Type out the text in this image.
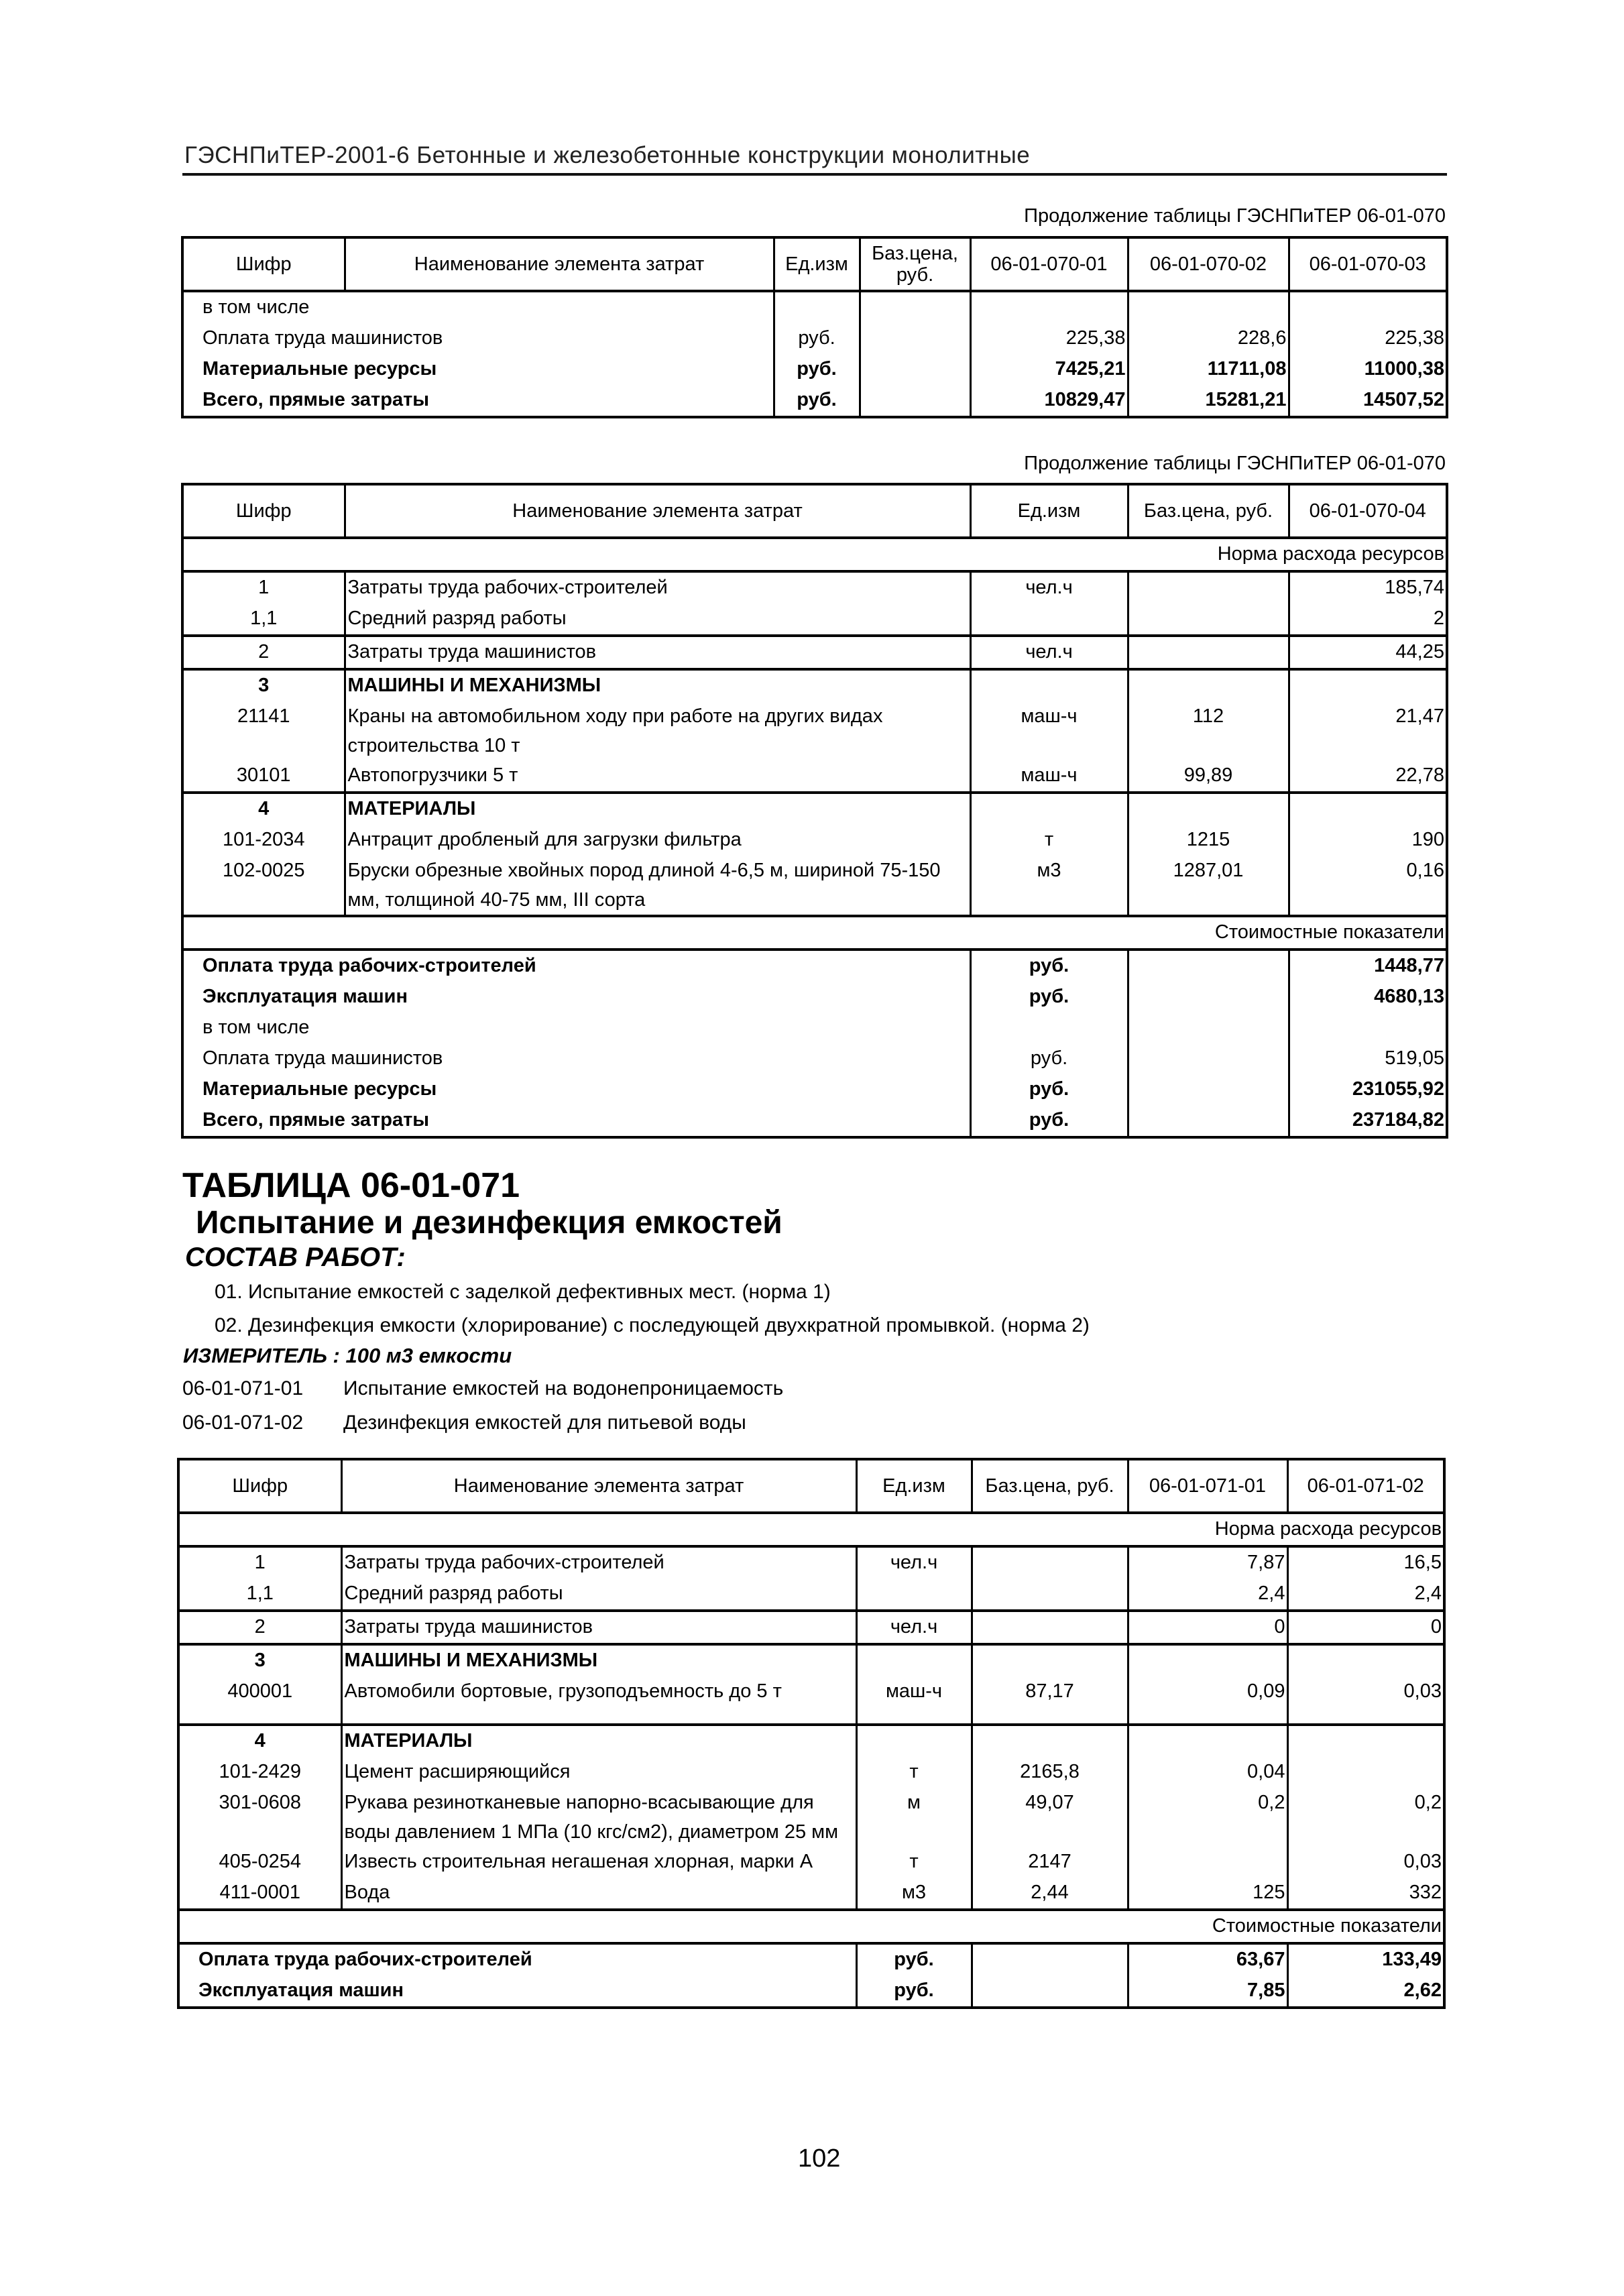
ГЭСНПиТЕР-2001-6 Бетонные и железобетонные конструкции монолитные
Продолжение таблицы ГЭСНПиТЕР 06-01-070
Шифр	Наименование элемента затрат	Ед.изм	Баз.цена, руб.	06-01-070-01	06-01-070-02	06-01-070-03
в том числе						
Оплата труда машинистов		руб.		225,38	228,6	225,38
Материальные ресурсы		руб.		7425,21	11711,08	11000,38
Всего, прямые затраты		руб.		10829,47	15281,21	14507,52
Продолжение таблицы ГЭСНПиТЕР 06-01-070
Шифр	Наименование элемента затрат	Ед.изм	Баз.цена, руб.	06-01-070-04
Норма расхода ресурсов				
1	Затраты труда рабочих-строителей	чел.ч		185,74
1,1	Средний разряд работы			2
2	Затраты труда машинистов	чел.ч		44,25
3	МАШИНЫ И МЕХАНИЗМЫ			
21141	Краны на автомобильном ходу при работе на других видах строительства 10 т	маш-ч	112	21,47
30101	Автопогрузчики 5 т	маш-ч	99,89	22,78
4	МАТЕРИАЛЫ			
101-2034	Антрацит дробленый для загрузки фильтра	т	1215	190
102-0025	Бруски обрезные хвойных пород длиной 4-6,5 м, шириной 75-150 мм, толщиной 40-75 мм, III сорта	м3	1287,01	0,16
Стоимостные показатели				
Оплата труда рабочих-строителей		руб.		1448,77
Эксплуатация машин		руб.		4680,13
в том числе				
Оплата труда машинистов		руб.		519,05
Материальные ресурсы		руб.		231055,92
Всего, прямые затраты		руб.		237184,82
ТАБЛИЦА 06-01-071
Испытание и дезинфекция емкостей
СОСТАВ РАБОТ:
01. Испытание емкостей с заделкой дефективных мест. (норма 1)
02. Дезинфекция емкости (хлорирование) с последующей двухкратной промывкой. (норма 2)
ИЗМЕРИТЕЛЬ : 100 м3 емкости
06-01-071-01 Испытание емкостей на водонепроницаемость
06-01-071-02 Дезинфекция емкостей для питьевой воды
Шифр	Наименование элемента затрат	Ед.изм	Баз.цена, руб.	06-01-071-01	06-01-071-02
Норма расхода ресурсов					
1	Затраты труда рабочих-строителей	чел.ч		7,87	16,5
1,1	Средний разряд работы			2,4	2,4
2	Затраты труда машинистов	чел.ч		0	0
3	МАШИНЫ И МЕХАНИЗМЫ				
400001	Автомобили бортовые, грузоподъемность до 5 т	маш-ч	87,17	0,09	0,03
4	МАТЕРИАЛЫ				
101-2429	Цемент расширяющийся	т	2165,8	0,04	
301-0608	Рукава резинотканевые напорно-всасывающие для воды давлением 1 МПа (10 кгс/см2), диаметром 25 мм	м	49,07	0,2	0,2
405-0254	Известь строительная негашеная хлорная, марки А	т	2147		0,03
411-0001	Вода	м3	2,44	125	332
Стоимостные показатели					
Оплата труда рабочих-строителей		руб.		63,67	133,49
Эксплуатация машин		руб.		7,85	2,62
102
